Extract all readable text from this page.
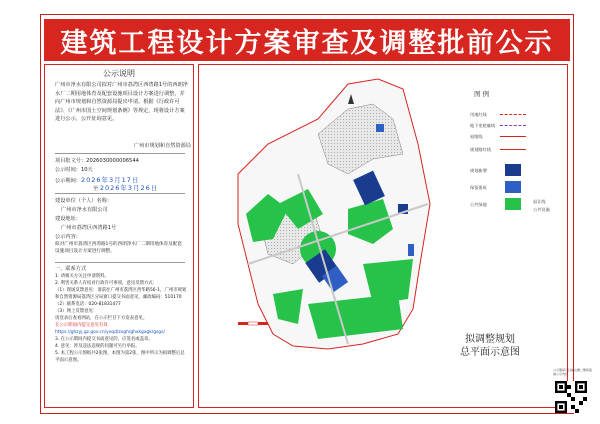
建筑工程设计方案审查及调整批前公示
公示说明
广州市净水有限公司拟对广州市荔湾区西湾路1号的西朗净水厂二期用地体育及配套设施项目设计方案进行调整，并向广州市规划和自然资源局提出申请。根据《行政许可法》、《广州市国土空间规划条例》等规定，现将设计方案进行公示，公开征询意见。
广州市规划和自然资源局
项目批文号：2026030000006544
公示时间：10天
公示期间：2026年3月17日
至 2026年3月26日
建设单位（个人）名称：
广州市净水有限公司
建设地址：
广州市荔湾区西湾路1号
公示内容：
拟对广州市荔湾区西湾路1号的西朗净水厂二期用地体育及配套设施项目设计方案进行调整。
一、联系方式
1. 请相关方关注申请资料。
2. 利害关系人有权对行政许可事项，意见反馈方式：
（1）现场反馈意见：请前往广州市荔湾区西华路56-1，广州市规划和自然资源局荔湾区分局窗口提交书面意见，邮政编码：510170
（2）联系电话：020-81831477
（3）网上反馈意见：
请登录后查看网站，在公示栏目下方发表意见。
在公示期间内提交意见有效
https://ghzyj.gz.gov.cn/yxqd/zxgh/ghxkgxgk/gsgs/
3. 在公示期间内提交书面意见的，应签名或盖章。
4. 意见：涉及违法违规的问题可另行举报。
5. 本工程公示图纸共2张图，本图为第2张，图中所示为拟调整后总平面示意图。
图 例
用地红线
地下室轮廓线
退缩线
规划路红线
规划新增
保留建筑
公共绿地
退让线
公共设施
拟调整规划
总平面示意图
公示期间可扫描右侧二维码查看公示内容
